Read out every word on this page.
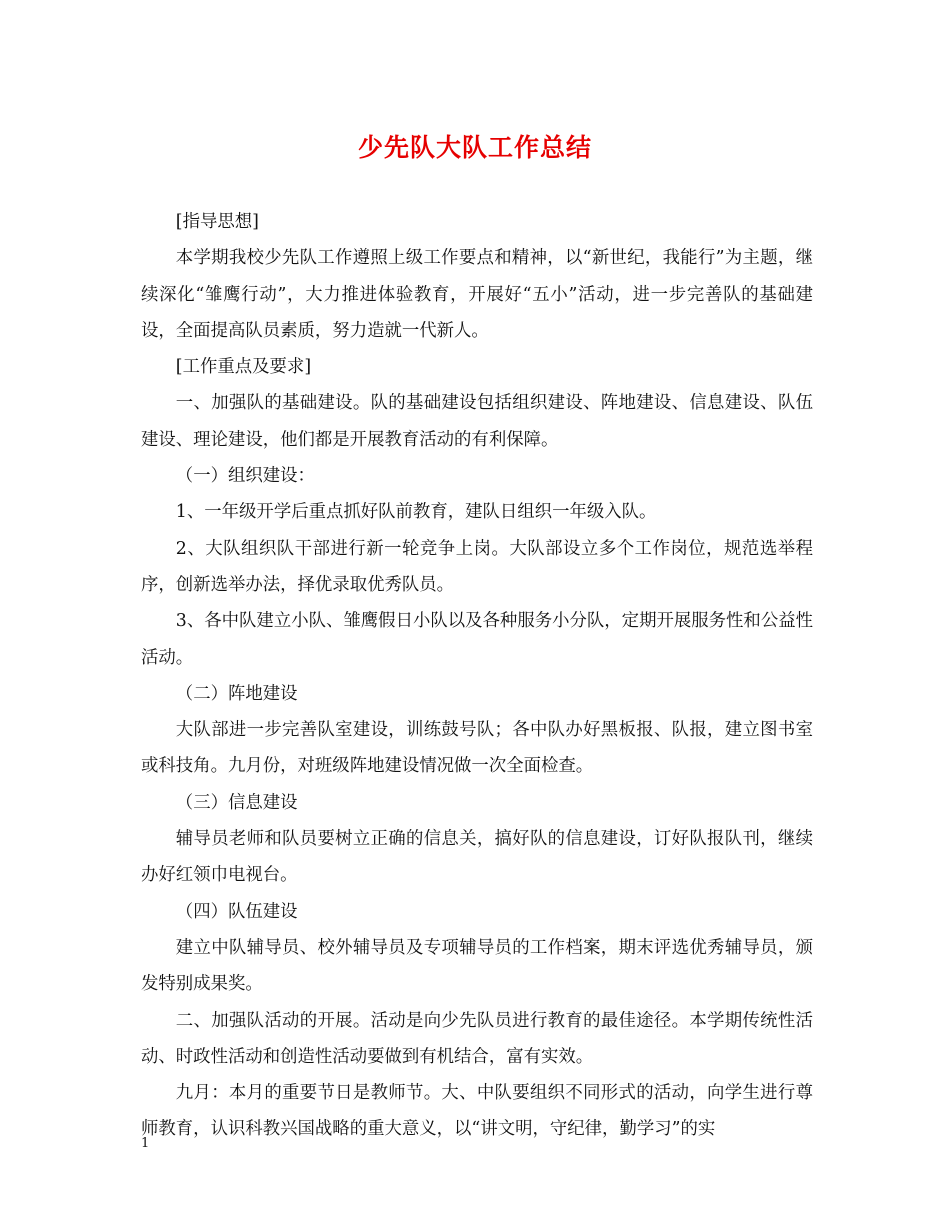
少先队大队工作总结

[指导思想]

本学期我校少先队工作遵照上级工作要点和精神，以“新世纪，我能行”为主题，继续深化“雏鹰行动”，大力推进体验教育，开展好“五小”活动，进一步完善队的基础建设，全面提高队员素质，努力造就一代新人。

[工作重点及要求]

一、加强队的基础建设。队的基础建设包括组织建设、阵地建设、信息建设、队伍建设、理论建设，他们都是开展教育活动的有利保障。

（一）组织建设：

1、一年级开学后重点抓好队前教育，建队日组织一年级入队。

2、大队组织队干部进行新一轮竞争上岗。大队部设立多个工作岗位，规范选举程序，创新选举办法，择优录取优秀队员。

3、各中队建立小队、雏鹰假日小队以及各种服务小分队，定期开展服务性和公益性活动。

（二）阵地建设

大队部进一步完善队室建设，训练鼓号队；各中队办好黑板报、队报，建立图书室或科技角。九月份，对班级阵地建设情况做一次全面检查。

（三）信息建设

辅导员老师和队员要树立正确的信息关，搞好队的信息建设，订好队报队刊，继续办好红领巾电视台。

（四）队伍建设

建立中队辅导员、校外辅导员及专项辅导员的工作档案，期末评选优秀辅导员，颁发特别成果奖。

二、加强队活动的开展。活动是向少先队员进行教育的最佳途径。本学期传统性活动、时政性活动和创造性活动要做到有机结合，富有实效。

九月：本月的重要节日是教师节。大、中队要组织不同形式的活动，向学生进行尊师教育，认识科教兴国战略的重大意义，以“讲文明，守纪律，勤学习”的实

1
